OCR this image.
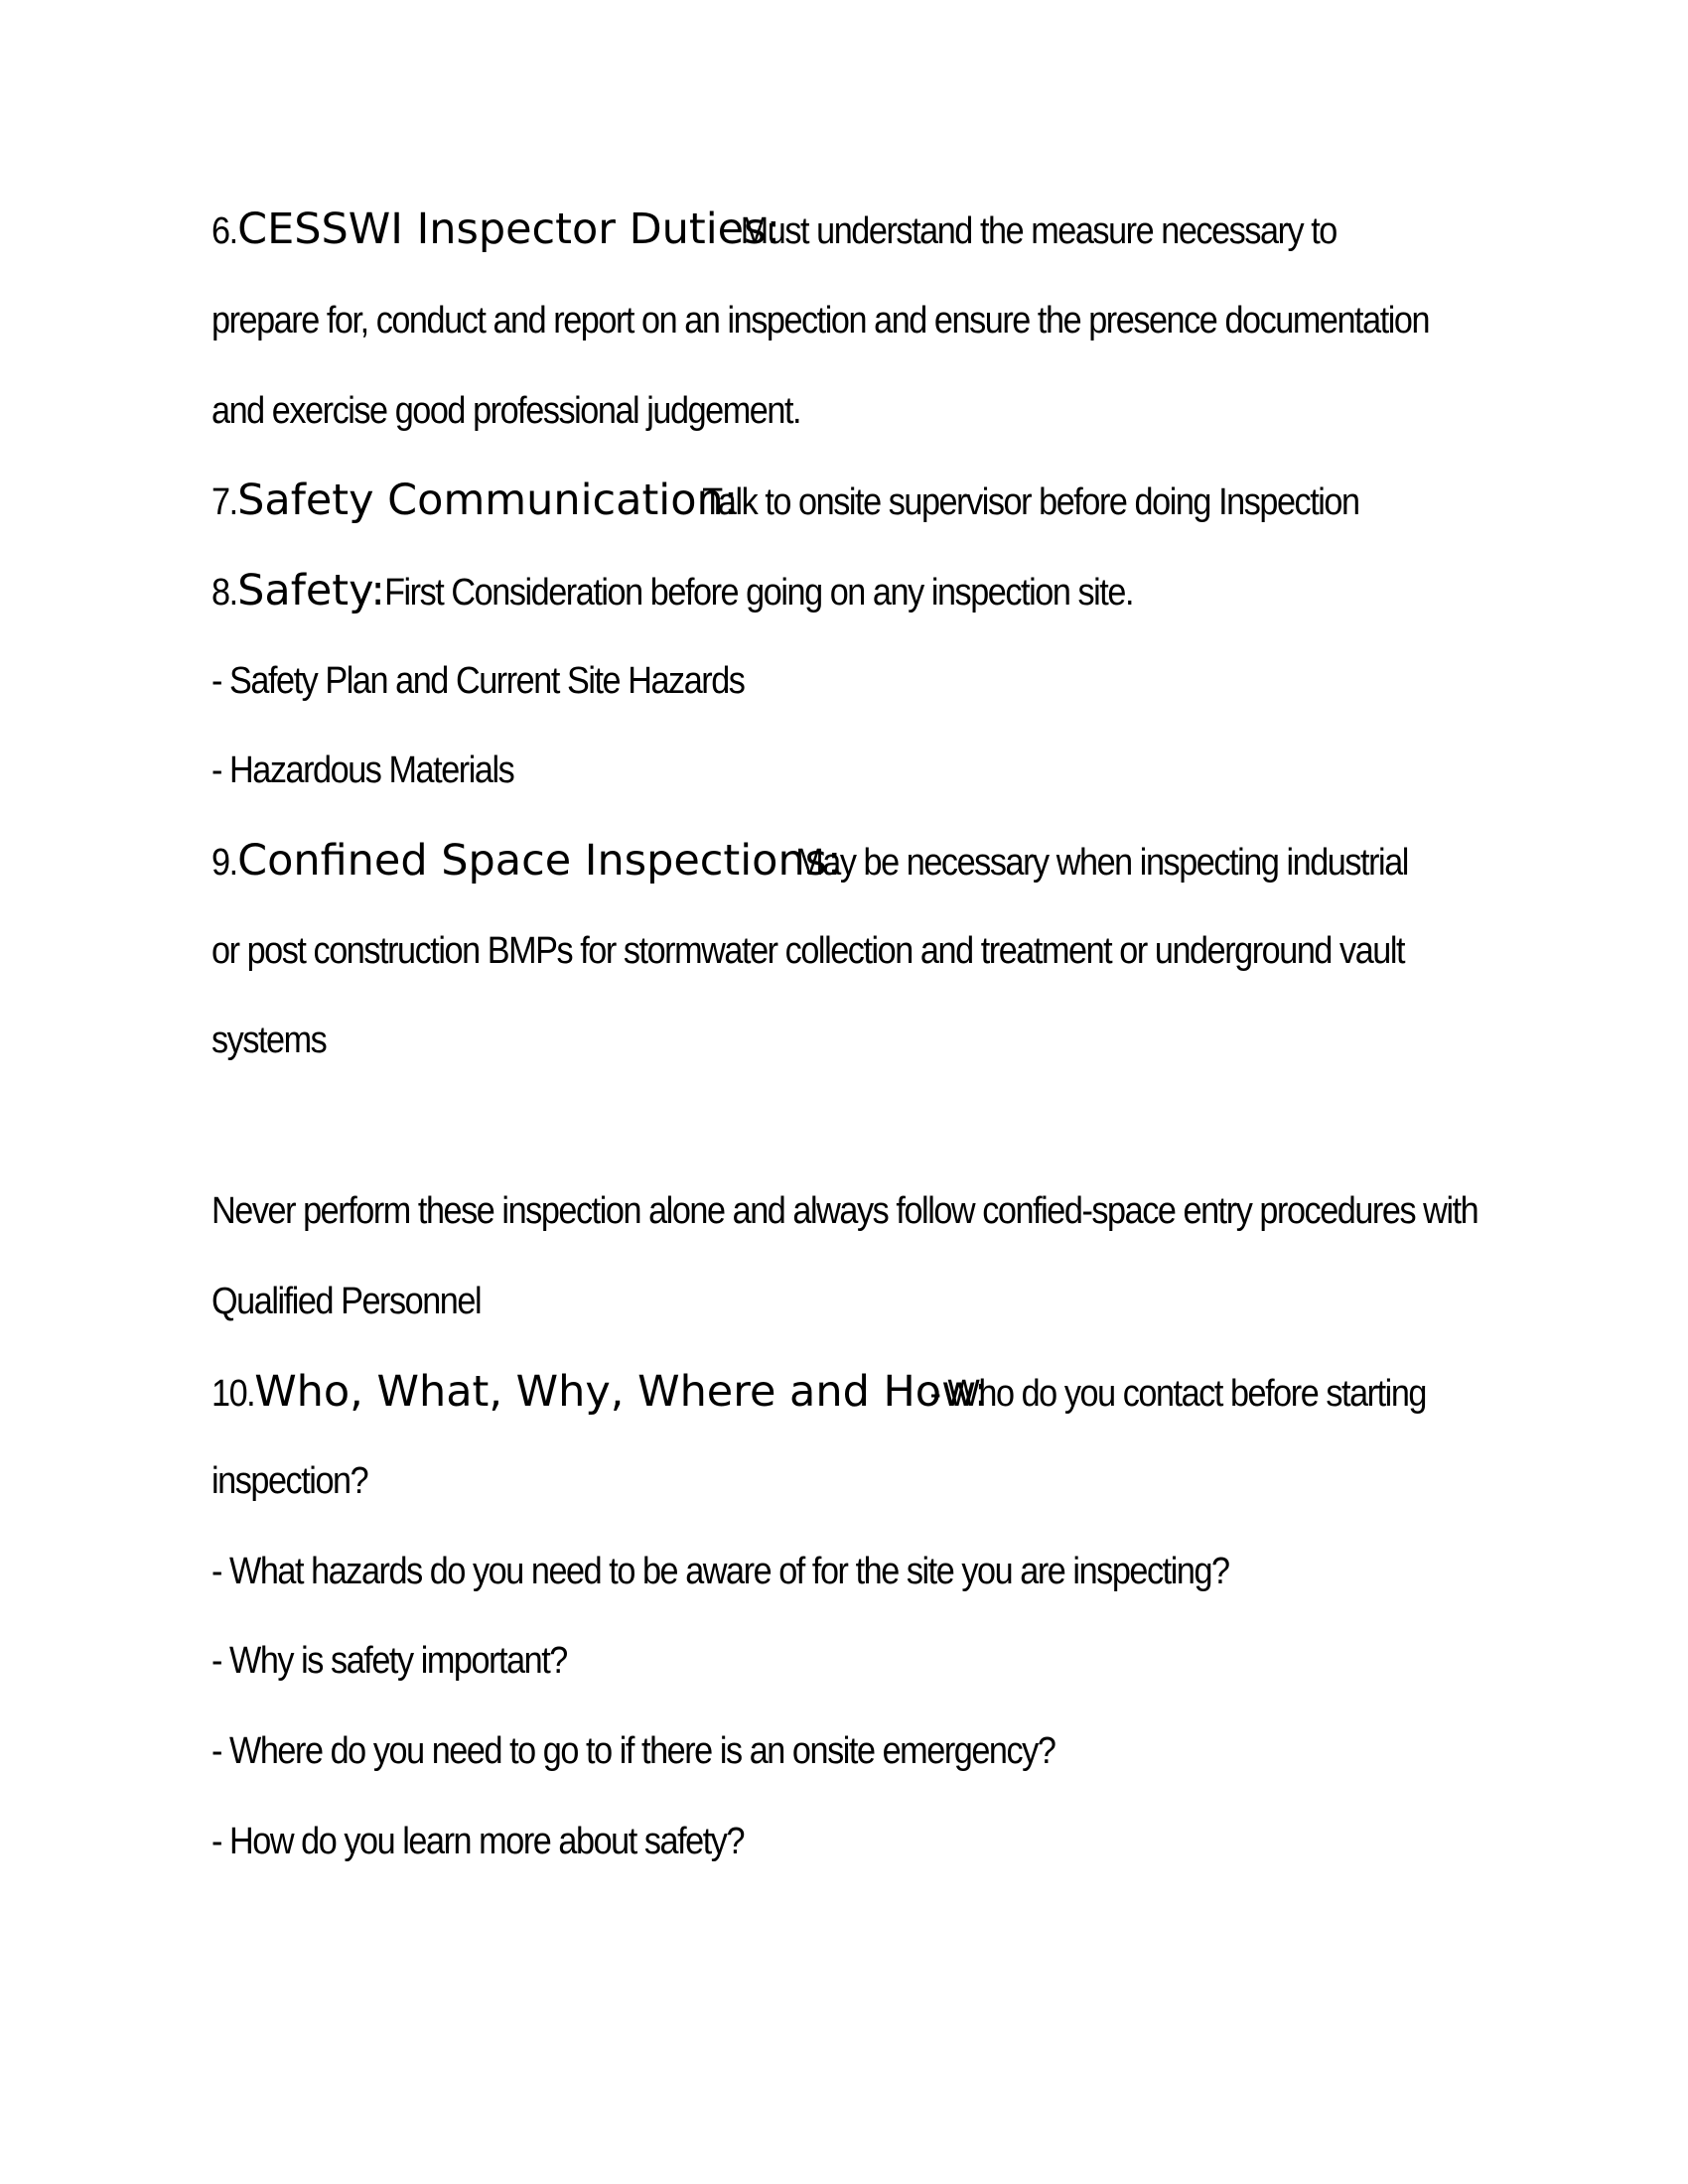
6.CESSWI Inspector Duties:Must understand the measure necessary to
prepare for, conduct and report on an inspection and ensure the presence documentation
and exercise good professional judgement.
7.Safety Communication:Talk to onsite supervisor before doing Inspection
8.Safety:First Consideration before going on any inspection site.
- Safety Plan and Current Site Hazards
- Hazardous Materials
9.Confined Space Inspections:May be necessary when inspecting industrial
or post construction BMPs for stormwater collection and treatment or underground vault
systems
Never perform these inspection alone and always follow confied-space entry procedures with
Qualified Personnel
10.Who, What, Why, Where and How:- Who do you contact before starting
inspection?
- What hazards do you need to be aware of for the site you are inspecting?
- Why is safety important?
- Where do you need to go to if there is an onsite emergency?
- How do you learn more about safety?
